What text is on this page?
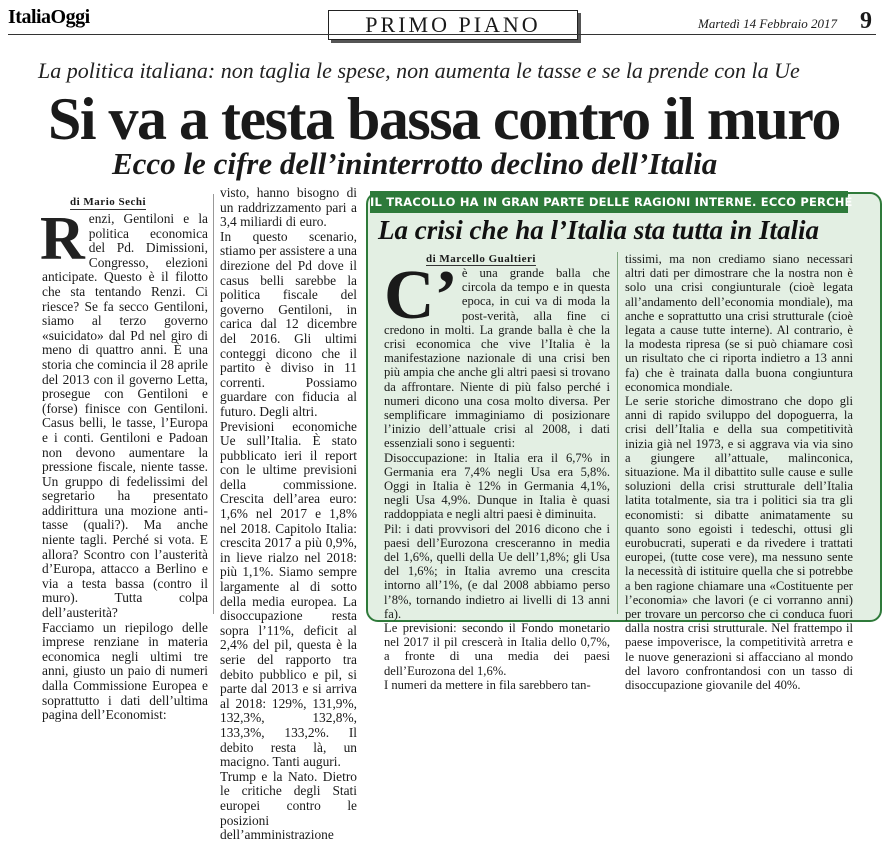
ItaliaOggi	PRIMO PIANO	Martedì 14 Febbraio 2017 9
La politica italiana: non taglia le spese, non aumenta le tasse e se la prende con la Ue
Si va a testa bassa contro il muro
Ecco le cifre dell’ininterrotto declino dell’Italia
di Mario Sechi
R enzi, Gentiloni e la politica economica del Pd. Dimissioni, Congresso, elezioni anticipate. Questo è il filotto che sta tentando Renzi. Ci riesce? Se fa secco Gentiloni, siamo al terzo governo «suicidato» dal Pd nel giro di meno di quattro anni. È una storia che comincia il 28 aprile del 2013 con il governo Letta, prosegue con Gentiloni e (forse) finisce con Gentiloni. Casus belli, le tasse, l’Europa e i conti. Gentiloni e Padoan non devono aumentare la pressione fiscale, niente tasse. Un gruppo di fedelissimi del segretario ha presentato addirittura una mozione anti-tasse (quali?). Ma anche niente tagli. Perché si vota. E allora? Scontro con l’austerità d’Europa, attacco a Berlino e via a testa bassa (contro il muro). Tutta colpa dell’austerità?

Facciamo un riepilogo delle imprese renziane in materia economica negli ultimi tre anni, giusto un paio di numeri dalla Commissione Europea e soprattutto i dati dell’ultima pagina dell’Economist:

visto, hanno bisogno di un raddrizzamento pari a 3,4 miliardi di euro.

In questo scenario, stiamo per assistere a una direzione del Pd dove il casus belli sarebbe la politica fiscale del governo Gentiloni, in carica dal 12 dicembre del 2016. Gli ultimi conteggi dicono che il partito è diviso in 11 correnti. Possiamo guardare con fiducia al futuro. Degli altri.

Previsioni economiche Ue sull’Italia. È stato pubblicato ieri il report con le ultime previsioni della commissione. Crescita dell’area euro: 1,6% nel 2017 e 1,8% nel 2018. Capitolo Italia: crescita 2017 a più 0,9%, in lieve rialzo nel 2018: più 1,1%. Siamo sempre largamente al di sotto della media europea. La disoccupazione resta sopra l’11%, deficit al 2,4% del pil, questa è la serie del rapporto tra debito pubblico e pil, si parte dal 2013 e si arriva al 2018: 129%, 131,9%, 132,3%, 132,8%, 133,3%, 133,2%. Il debito resta là, un macigno. Tanti auguri.

Trump e la Nato. Dietro le critiche degli Stati europei contro le posizioni dell’amministrazione

IL TRACOLLO HA IN GRAN PARTE DELLE RAGIONI INTERNE. ECCO PERCHÉ
La crisi che ha l’Italia sta tutta in Italia
di Marcello Gualtieri
C’ è una grande balla che circola da tempo e in questa epoca, in cui va di moda la post-verità, alla fine ci credono in molti. La grande balla è che la crisi economica che vive l’Italia è la manifestazione nazionale di una crisi ben più ampia che anche gli altri paesi si trovano da affrontare. Niente di più falso perché i numeri dicono una cosa molto diversa. Per semplificare immaginiamo di posizionare l’inizio dell’attuale crisi al 2008, i dati essenziali sono i seguenti:

Disoccupazione: in Italia era il 6,7% in Germania era 7,4% negli Usa era 5,8%. Oggi in Italia è 12% in Germania 4,1%, negli Usa 4,9%. Dunque in Italia è quasi raddoppiata e negli altri paesi è diminuita.

Pil: i dati provvisori del 2016 dicono che i paesi dell’Eurozona cresceranno in media del 1,6%, quelli della Ue dell’1,8%; gli Usa del 1,6%; in Italia avremo una crescita intorno all’1%, (e dal 2008 abbiamo perso l’8%, tornando indietro ai livelli di 13 anni fa).

Le previsioni: secondo il Fondo monetario nel 2017 il pil crescerà in Italia dello 0,7%, a fronte di una media dei paesi dell’Eurozona del 1,6%.

I numeri da mettere in fila sarebbero tan-

tissimi, ma non crediamo siano necessari altri dati per dimostrare che la nostra non è solo una crisi congiunturale (cioè legata all’andamento dell’economia mondiale), ma anche e soprattutto una crisi strutturale (cioè legata a cause tutte interne). Al contrario, è la modesta ripresa (se si può chiamare così un risultato che ci riporta indietro a 13 anni fa) che è trainata dalla buona congiuntura economica mondiale.

Le serie storiche dimostrano che dopo gli anni di rapido sviluppo del dopoguerra, la crisi dell’Italia e della sua competitività inizia già nel 1973, e si aggrava via via sino a giungere all’attuale, malinconica, situazione. Ma il dibattito sulle cause e sulle soluzioni della crisi strutturale dell’Italia latita totalmente, sia tra i politici sia tra gli economisti: si dibatte animatamente su quanto sono egoisti i tedeschi, ottusi gli eurobucrati, superati e da rivedere i trattati europei, (tutte cose vere), ma nessuno sente la necessità di istituire quella che si potrebbe a ben ragione chiamare una «Costituente per l’economia» che lavori (e ci vorranno anni) per trovare un percorso che ci conduca fuori dalla nostra crisi strutturale. Nel frattempo il paese impoverisce, la competitività arretra e le nuove generazioni si affacciano al mondo del lavoro confrontandosi con un tasso di disoccupazione giovanile del 40%.
